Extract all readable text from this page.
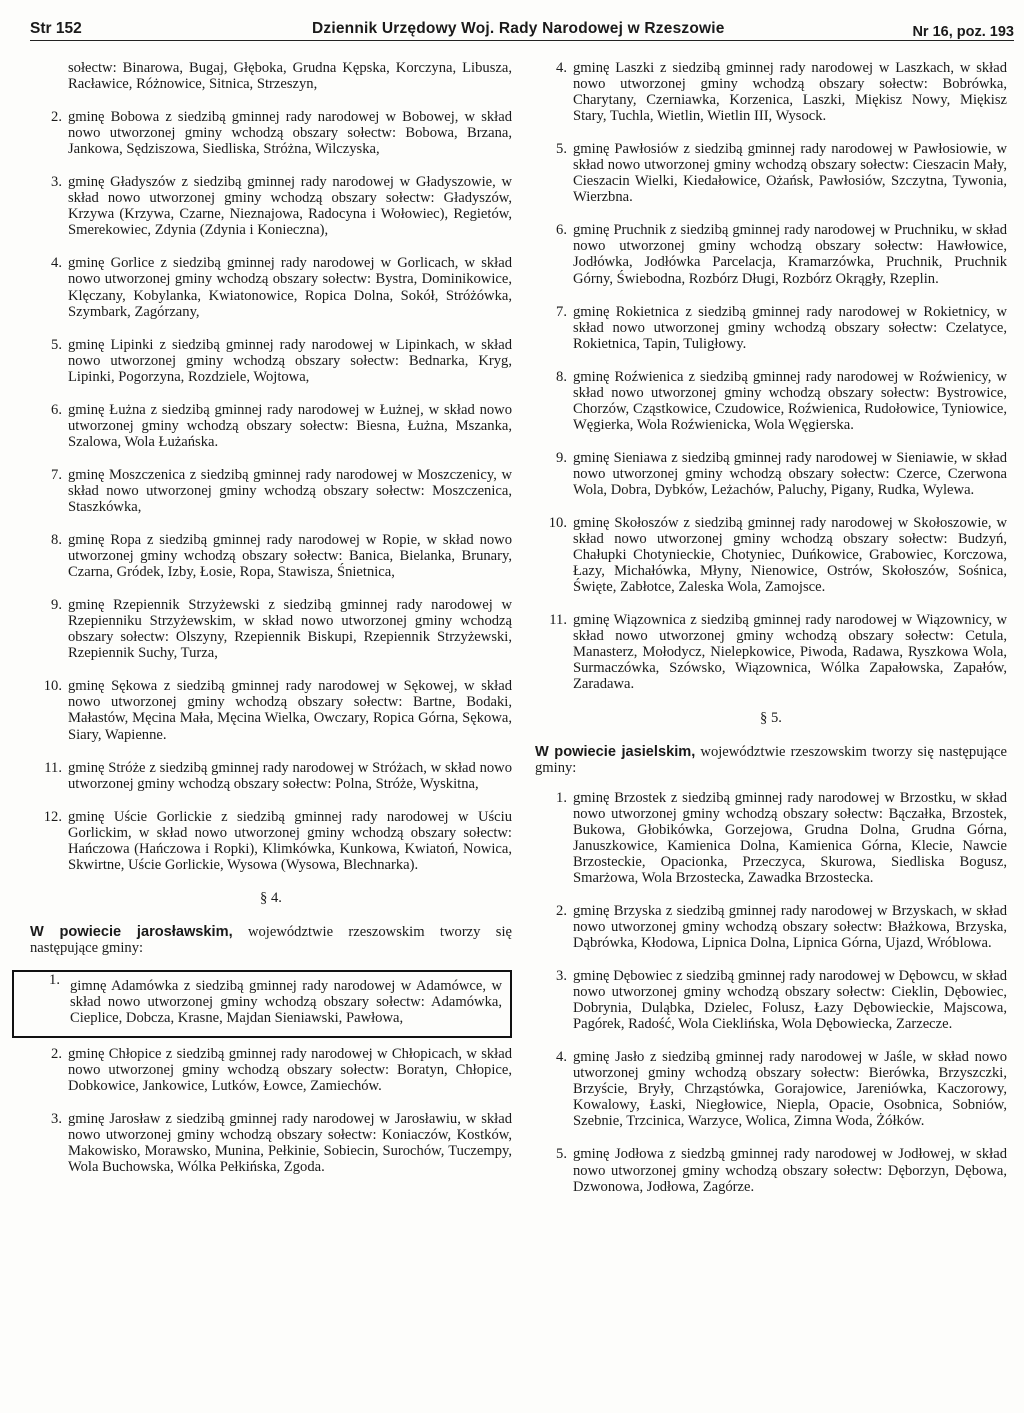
Str 152	Dziennik Urzędowy Woj. Rady Narodowej w Rzeszowie	Nr 16, poz. 193
sołectw: Binarowa, Bugaj, Głęboka, Grudna Kępska, Korczyna, Libusza, Racławice, Różnowice, Sitnica, Strzeszyn,
2. gminę Bobowa z siedzibą gminnej rady narodowej w Bobowej, w skład nowo utworzonej gminy wchodzą obszary sołectw: Bobowa, Brzana, Jankowa, Sędziszowa, Siedliska, Stróżna, Wilczyska,
3. gminę Gładyszów z siedzibą gminnej rady narodowej w Gładyszowie, w skład nowo utworzonej gminy wchodzą obszary sołectw: Gładyszów, Krzywa (Krzywa, Czarne, Nieznajowa, Radocyna i Wołowiec), Regietów, Smerekowiec, Zdynia (Zdynia i Konieczna),
4. gminę Gorlice z siedzibą gminnej rady narodowej w Gorlicach, w skład nowo utworzonej gminy wchodzą obszary sołectw: Bystra, Dominikowice, Klęczany, Kobylanka, Kwiatonowice, Ropica Dolna, Sokół, Stróżówka, Szymbark, Zagórzany,
5. gminę Lipinki z siedzibą gminnej rady narodowej w Lipinkach, w skład nowo utworzonej gminy wchodzą obszary sołectw: Bednarka, Kryg, Lipinki, Pogorzyna, Rozdziele, Wojtowa,
6. gminę Łużna z siedzibą gminnej rady narodowej w Łużnej, w skład nowo utworzonej gminy wchodzą obszary sołectw: Biesna, Łużna, Mszanka, Szalowa, Wola Łużańska.
7. gminę Moszczenica z siedzibą gminnej rady narodowej w Moszczenicy, w skład nowo utworzonej gminy wchodzą obszary sołectw: Moszczenica, Staszkówka,
8. gminę Ropa z siedzibą gminnej rady narodowej w Ropie, w skład nowo utworzonej gminy wchodzą obszary sołectw: Banica, Bielanka, Brunary, Czarna, Gródek, Izby, Łosie, Ropa, Stawisza, Śnietnica,
9. gminę Rzepiennik Strzyżewski z siedzibą gminnej rady narodowej w Rzepienniku Strzyżewskim, w skład nowo utworzonej gminy wchodzą obszary sołectw: Olszyny, Rzepiennik Biskupi, Rzepiennik Strzyżewski, Rzepiennik Suchy, Turza,
10. gminę Sękowa z siedzibą gminnej rady narodowej w Sękowej, w skład nowo utworzonej gminy wchodzą obszary sołectw: Bartne, Bodaki, Małastów, Męcina Mała, Męcina Wielka, Owczary, Ropica Górna, Sękowa, Siary, Wapienne.
11. gminę Stróże z siedzibą gminnej rady narodowej w Stróżach, w skład nowo utworzonej gminy wchodzą obszary sołectw: Polna, Stróże, Wyskitna,
12. gminę Uście Gorlickie z siedzibą gminnej rady narodowej w Uściu Gorlickim, w skład nowo utworzonej gminy wchodzą obszary sołectw: Hańczowa (Hańczowa i Ropki), Klimkówka, Kunkowa, Kwiatoń, Nowica, Skwirtne, Uście Gorlickie, Wysowa (Wysowa, Blechnarka).
§ 4.
W powiecie jarosławskim, województwie rzeszowskim tworzy się następujące gminy:
1. gimnę Adamówka z siedzibą gminnej rady narodowej w Adamówce, w skład nowo utworzonej gminy wchodzą obszary sołectw: Adamówka, Cieplice, Dobcza, Krasne, Majdan Sieniawski, Pawłowa,
2. gminę Chłopice z siedzibą gminnej rady narodowej w Chłopicach, w skład nowo utworzonej gminy wchodzą obszary sołectw: Boratyn, Chłopice, Dobkowice, Jankowice, Lutków, Łowce, Zamiechów.
3. gminę Jarosław z siedzibą gminnej rady narodowej w Jarosławiu, w skład nowo utworzonej gminy wchodzą obszary sołectw: Koniaczów, Kostków, Makowisko, Morawsko, Munina, Pełkinie, Sobiecin, Surochów, Tuczempy, Wola Buchowska, Wólka Pełkińska, Zgoda.
4. gminę Laszki z siedzibą gminnej rady narodowej w Laszkach, w skład nowo utworzonej gminy wchodzą obszary sołectw: Bobrówka, Charytany, Czerniawka, Korzenica, Laszki, Miękisz Nowy, Miękisz Stary, Tuchla, Wietlin, Wietlin III, Wysock.
5. gminę Pawłosiów z siedzibą gminnej rady narodowej w Pawłosiowie, w skład nowo utworzonej gminy wchodzą obszary sołectw: Cieszacin Mały, Cieszacin Wielki, Kiedałowice, Ożańsk, Pawłosiów, Szczytna, Tywonia, Wierzbna.
6. gminę Pruchnik z siedzibą gminnej rady narodowej w Pruchniku, w skład nowo utworzonej gminy wchodzą obszary sołectw: Hawłowice, Jodłówka, Jodłówka Parcelacja, Kramarzówka, Pruchnik, Pruchnik Górny, Świebodna, Rozbórz Długi, Rozbórz Okrągły, Rzeplin.
7. gminę Rokietnica z siedzibą gminnej rady narodowej w Rokietnicy, w skład nowo utworzonej gminy wchodzą obszary sołectw: Czelatyce, Rokietnica, Tapin, Tuligłowy.
8. gminę Roźwienica z siedzibą gminnej rady narodowej w Roźwienicy, w skład nowo utworzonej gminy wchodzą obszary sołectw: Bystrowice, Chorzów, Cząstkowice, Czudowice, Roźwienica, Rudołowice, Tyniowice, Węgierka, Wola Roźwienicka, Wola Węgierska.
9. gminę Sieniawa z siedzibą gminnej rady narodowej w Sieniawie, w skład nowo utworzonej gminy wchodzą obszary sołectw: Czerce, Czerwona Wola, Dobra, Dybków, Leżachów, Paluchy, Pigany, Rudka, Wylewa.
10. gminę Skołoszów z siedzibą gminnej rady narodowej w Skołoszowie, w skład nowo utworzonej gminy wchodzą obszary sołectw: Budzyń, Chałupki Chotynieckie, Chotyniec, Duńkowice, Grabowiec, Korczowa, Łazy, Michałówka, Młyny, Nienowice, Ostrów, Skołoszów, Sośnica, Święte, Zabłotce, Zaleska Wola, Zamojsce.
11. gminę Wiązownica z siedzibą gminnej rady narodowej w Wiązownicy, w skład nowo utworzonej gminy wchodzą obszary sołectw: Cetula, Manasterz, Mołodycz, Nielepkowice, Piwoda, Radawa, Ryszkowa Wola, Surmaczówka, Szówsko, Wiązownica, Wólka Zapałowska, Zapałów, Zaradawa.
§ 5.
W powiecie jasielskim, województwie rzeszowskim tworzy się następujące gminy:
1. gminę Brzostek z siedzibą gminnej rady narodowej w Brzostku, w skład nowo utworzonej gminy wchodzą obszary sołectw: Bączałka, Brzostek, Bukowa, Głobikówka, Gorzejowa, Grudna Dolna, Grudna Górna, Januszkowice, Kamienica Dolna, Kamienica Górna, Klecie, Nawcie Brzosteckie, Opacionka, Przeczyca, Skurowa, Siedliska Bogusz, Smarżowa, Wola Brzostecka, Zawadka Brzostecka.
2. gminę Brzyska z siedzibą gminnej rady narodowej w Brzyskach, w skład nowo utworzonej gminy wchodzą obszary sołectw: Błażkowa, Brzyska, Dąbrówka, Kłodowa, Lipnica Dolna, Lipnica Górna, Ujazd, Wróblowa.
3. gminę Dębowiec z siedzibą gminnej rady narodowej w Dębowcu, w skład nowo utworzonej gminy wchodzą obszary sołectw: Cieklin, Dębowiec, Dobrynia, Duląbka, Dzielec, Folusz, Łazy Dębowieckie, Majscowa, Pagórek, Radość, Wola Cieklińska, Wola Dębowiecka, Zarzecze.
4. gminę Jasło z siedzibą gminnej rady narodowej w Jaśle, w skład nowo utworzonej gminy wchodzą obszary sołectw: Bierówka, Brzyszczki, Brzyście, Bryły, Chrząstówka, Gorajowice, Jareniówka, Kaczorowy, Kowalowy, Łaski, Niegłowice, Niepla, Opacie, Osobnica, Sobniów, Szebnie, Trzcinica, Warzyce, Wolica, Zimna Woda, Żółków.
5. gminę Jodłowa z siedzbą gminnej rady narodowej w Jodłowej, w skład nowo utworzonej gminy wchodzą obszary sołectw: Dęborzyn, Dębowa, Dzwonowa, Jodłowa, Zagórze.
